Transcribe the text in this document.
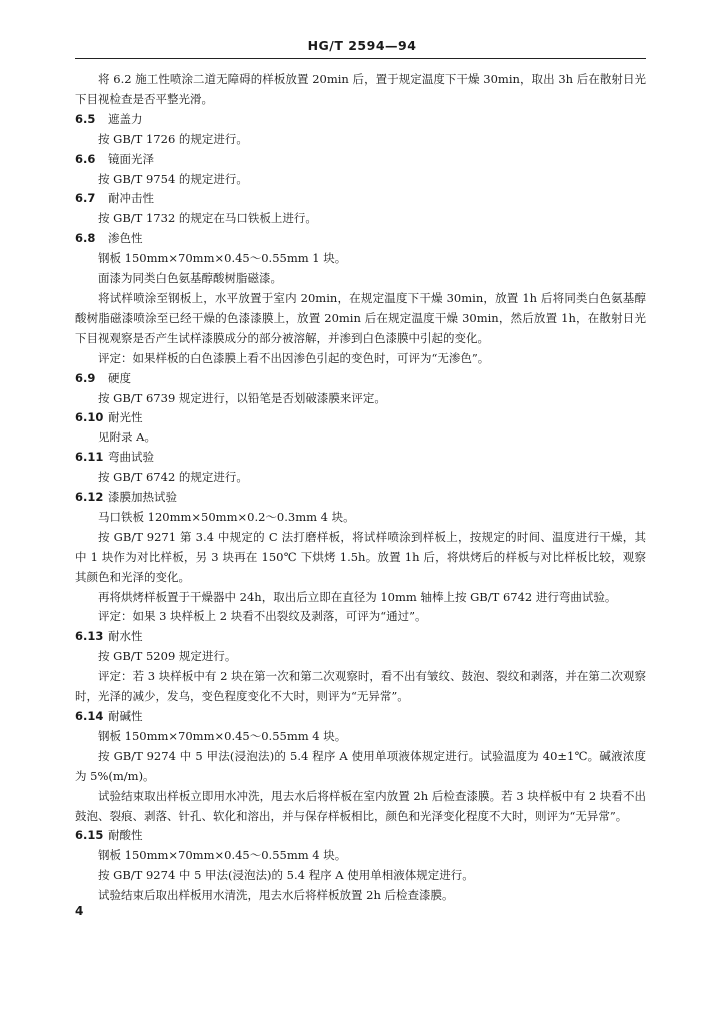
HG/T 2594—94

将 6.2 施工性喷涂二道无障碍的样板放置 20min 后，置于规定温度下干燥 30min，取出 3h 后在散射日光下目视检查是否平整光滑。

6.5 遮盖力

按 GB/T 1726 的规定进行。

6.6 镜面光泽

按 GB/T 9754 的规定进行。

6.7 耐冲击性

按 GB/T 1732 的规定在马口铁板上进行。

6.8 渗色性

钢板 150mm×70mm×0.45～0.55mm 1 块。

面漆为同类白色氨基醇酸树脂磁漆。

将试样喷涂至钢板上，水平放置于室内 20min，在规定温度下干燥 30min，放置 1h 后将同类白色氨基醇酸树脂磁漆喷涂至已经干燥的色漆漆膜上，放置 20min 后在规定温度干燥 30min，然后放置 1h，在散射日光下目视观察是否产生试样漆膜成分的部分被溶解，并渗到白色漆膜中引起的变化。

评定：如果样板的白色漆膜上看不出因渗色引起的变色时，可评为“无渗色”。

6.9 硬度

按 GB/T 6739 规定进行，以铅笔是否划破漆膜来评定。

6.10 耐光性

见附录 A。

6.11 弯曲试验

按 GB/T 6742 的规定进行。

6.12 漆膜加热试验

马口铁板 120mm×50mm×0.2～0.3mm 4 块。

按 GB/T 9271 第 3.4 中规定的 C 法打磨样板，将试样喷涂到样板上，按规定的时间、温度进行干燥，其中 1 块作为对比样板，另 3 块再在 150℃ 下烘烤 1.5h。放置 1h 后，将烘烤后的样板与对比样板比较，观察其颜色和光泽的变化。

再将烘烤样板置于干燥器中 24h，取出后立即在直径为 10mm 轴棒上按 GB/T 6742 进行弯曲试验。

评定：如果 3 块样板上 2 块看不出裂纹及剥落，可评为“通过”。

6.13 耐水性

按 GB/T 5209 规定进行。

评定：若 3 块样板中有 2 块在第一次和第二次观察时，看不出有皱纹、鼓泡、裂纹和剥落，并在第二次观察时，光泽的减少，发乌，变色程度变化不大时，则评为“无异常”。

6.14 耐碱性

钢板 150mm×70mm×0.45～0.55mm 4 块。

按 GB/T 9274 中 5 甲法(浸泡法)的 5.4 程序 A 使用单项液体规定进行。试验温度为 40±1℃。碱液浓度为 5%(m/m)。

试验结束取出样板立即用水冲洗，甩去水后将样板在室内放置 2h 后检查漆膜。若 3 块样板中有 2 块看不出鼓泡、裂痕、剥落、针孔、软化和溶出，并与保存样板相比，颜色和光泽变化程度不大时，则评为“无异常”。

6.15 耐酸性

钢板 150mm×70mm×0.45～0.55mm 4 块。

按 GB/T 9274 中 5 甲法(浸泡法)的 5.4 程序 A 使用单相液体规定进行。

试验结束后取出样板用水清洗，甩去水后将样板放置 2h 后检查漆膜。

4
